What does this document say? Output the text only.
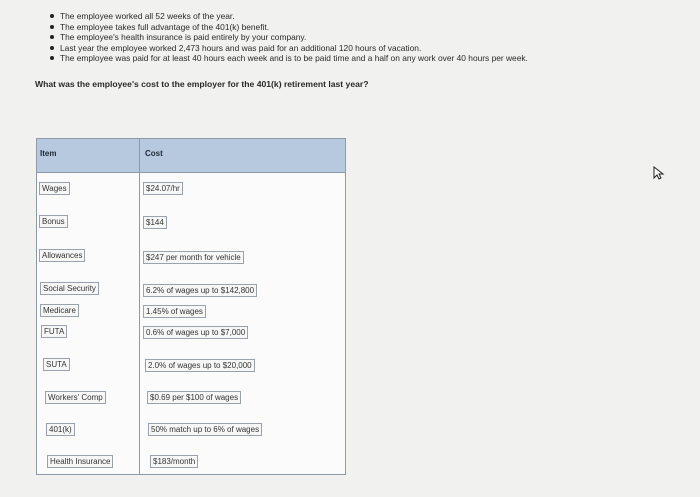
The employee worked all 52 weeks of the year.
The employee takes full advantage of the 401(k) benefit.
The employee's health insurance is paid entirely by your company.
Last year the employee worked 2,473 hours and was paid for an additional 120 hours of vacation.
The employee was paid for at least 40 hours each week and is to be paid time and a half on any work over 40 hours per week.
What was the employee's cost to the employer for the 401(k) retirement last year?
Item	Cost
Wages	$24.07/hr
Bonus	$144
Allowances	$247 per month for vehicle
Social Security	6.2% of wages up to $142,800
Medicare	1.45% of wages
FUTA	0.6% of wages up to $7,000
SUTA	2.0% of wages up to $20,000
Workers' Comp	$0.69 per $100 of wages
401(k)	50% match up to 6% of wages
Health Insurance	$183/month
